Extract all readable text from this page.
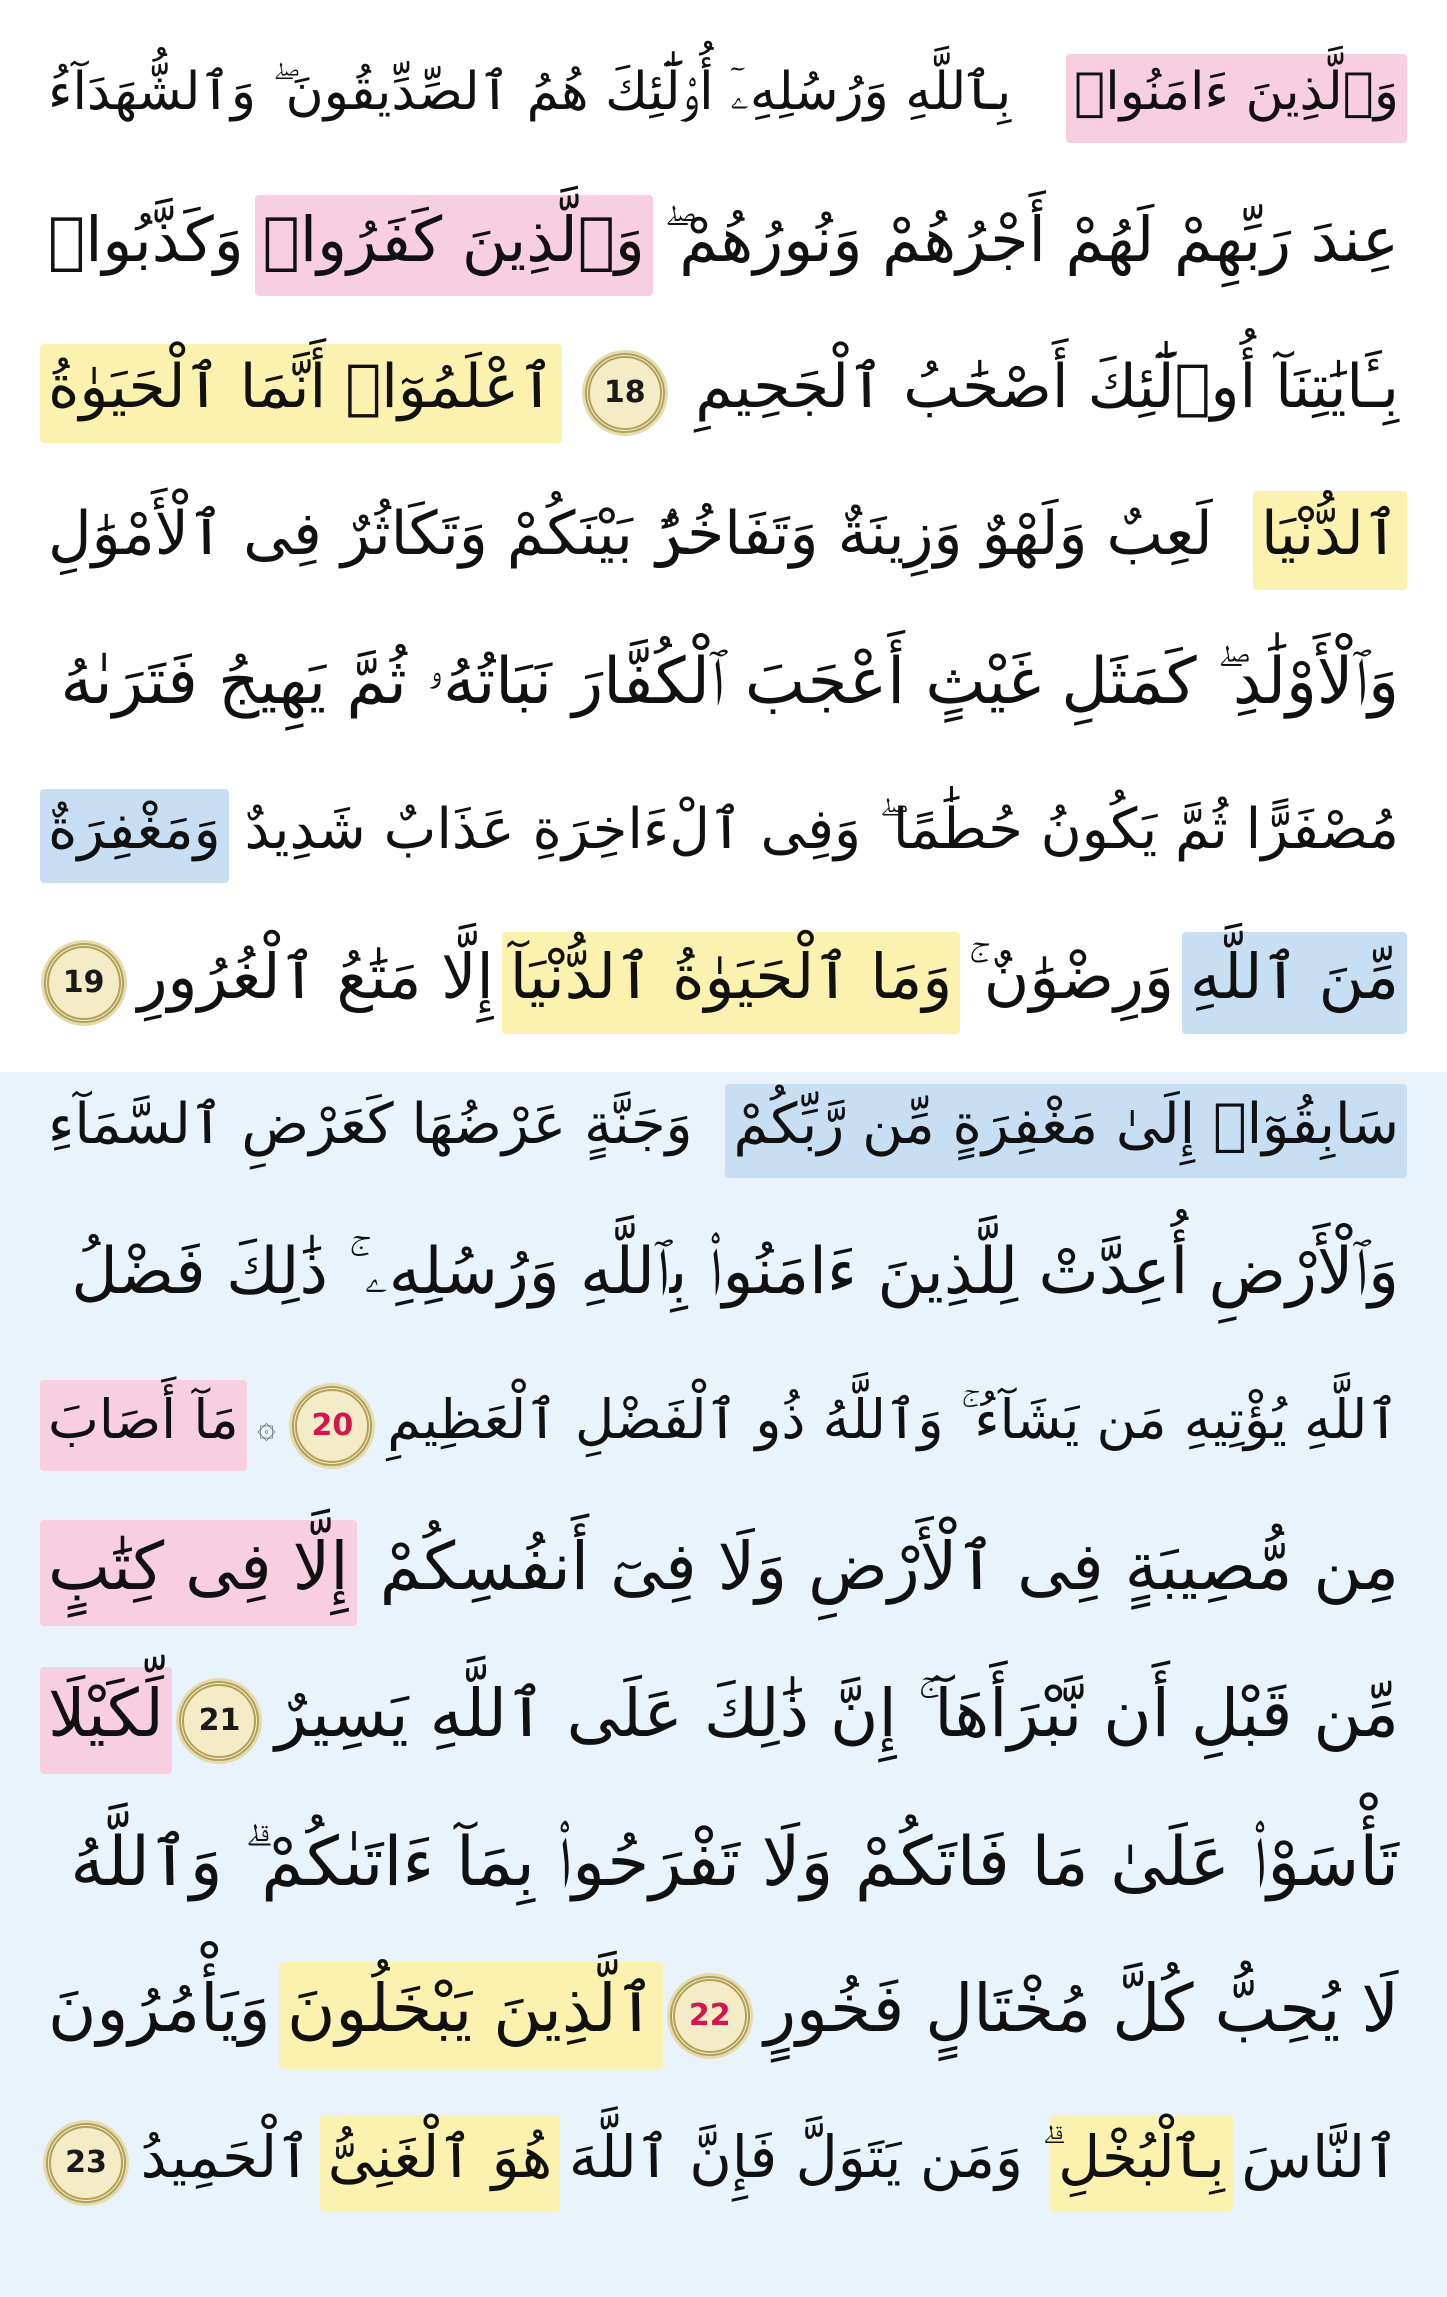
وَٱلَّذِينَ ءَامَنُوا۟
بِٱللَّهِ وَرُسُلِهِۦٓ أُو۟لَٰٓئِكَ هُمُ ٱلصِّدِّيقُونَ ۖ وَٱلشُّهَدَآءُ
عِندَ رَبِّهِمْ لَهُمْ أَجْرُهُمْ وَنُورُهُمْ ۖ
وَٱلَّذِينَ كَفَرُوا۟
وَكَذَّبُوا۟
بِـَٔايَٰتِنَآ أُو۟لَٰٓئِكَ أَصْحَٰبُ ٱلْجَحِيمِ
18
ٱعْلَمُوٓا۟ أَنَّمَا ٱلْحَيَوٰةُ
ٱلدُّنْيَا
لَعِبٌ وَلَهْوٌ وَزِينَةٌ وَتَفَاخُرٌۢ بَيْنَكُمْ وَتَكَاثُرٌ فِى ٱلْأَمْوَٰلِ
وَٱلْأَوْلَٰدِ ۖ كَمَثَلِ غَيْثٍ أَعْجَبَ ٱلْكُفَّارَ نَبَاتُهُۥ ثُمَّ يَهِيجُ فَتَرَىٰهُ
مُصْفَرًّا ثُمَّ يَكُونُ حُطَٰمًا ۖ وَفِى ٱلْءَاخِرَةِ عَذَابٌ شَدِيدٌ
وَمَغْفِرَةٌ
مِّنَ ٱللَّهِ
وَرِضْوَٰنٌ ۚ
وَمَا ٱلْحَيَوٰةُ ٱلدُّنْيَآ
إِلَّا مَتَٰعُ ٱلْغُرُورِ
19
سَابِقُوٓا۟ إِلَىٰ مَغْفِرَةٍ مِّن رَّبِّكُمْ
وَجَنَّةٍ عَرْضُهَا كَعَرْضِ ٱلسَّمَآءِ
وَٱلْأَرْضِ أُعِدَّتْ لِلَّذِينَ ءَامَنُوا۟ بِٱللَّهِ وَرُسُلِهِۦ ۚ ذَٰلِكَ فَضْلُ
ٱللَّهِ يُؤْتِيهِ مَن يَشَآءُ ۚ وَٱللَّهُ ذُو ٱلْفَضْلِ ٱلْعَظِيمِ
20
۞
مَآ أَصَابَ
مِن مُّصِيبَةٍ فِى ٱلْأَرْضِ وَلَا فِىٓ أَنفُسِكُمْ
إِلَّا فِى كِتَٰبٍ
مِّن قَبْلِ أَن نَّبْرَأَهَآ ۚ إِنَّ ذَٰلِكَ عَلَى ٱللَّهِ يَسِيرٌ
21
لِّكَيْلَا
تَأْسَوْا۟ عَلَىٰ مَا فَاتَكُمْ وَلَا تَفْرَحُوا۟ بِمَآ ءَاتَىٰكُمْ ۗ وَٱللَّهُ
لَا يُحِبُّ كُلَّ مُخْتَالٍ فَخُورٍ
22
ٱلَّذِينَ يَبْخَلُونَ
وَيَأْمُرُونَ
ٱلنَّاسَ
بِٱلْبُخْلِ
ۗ وَمَن يَتَوَلَّ فَإِنَّ ٱللَّهَ
هُوَ ٱلْغَنِىُّ
ٱلْحَمِيدُ
23
